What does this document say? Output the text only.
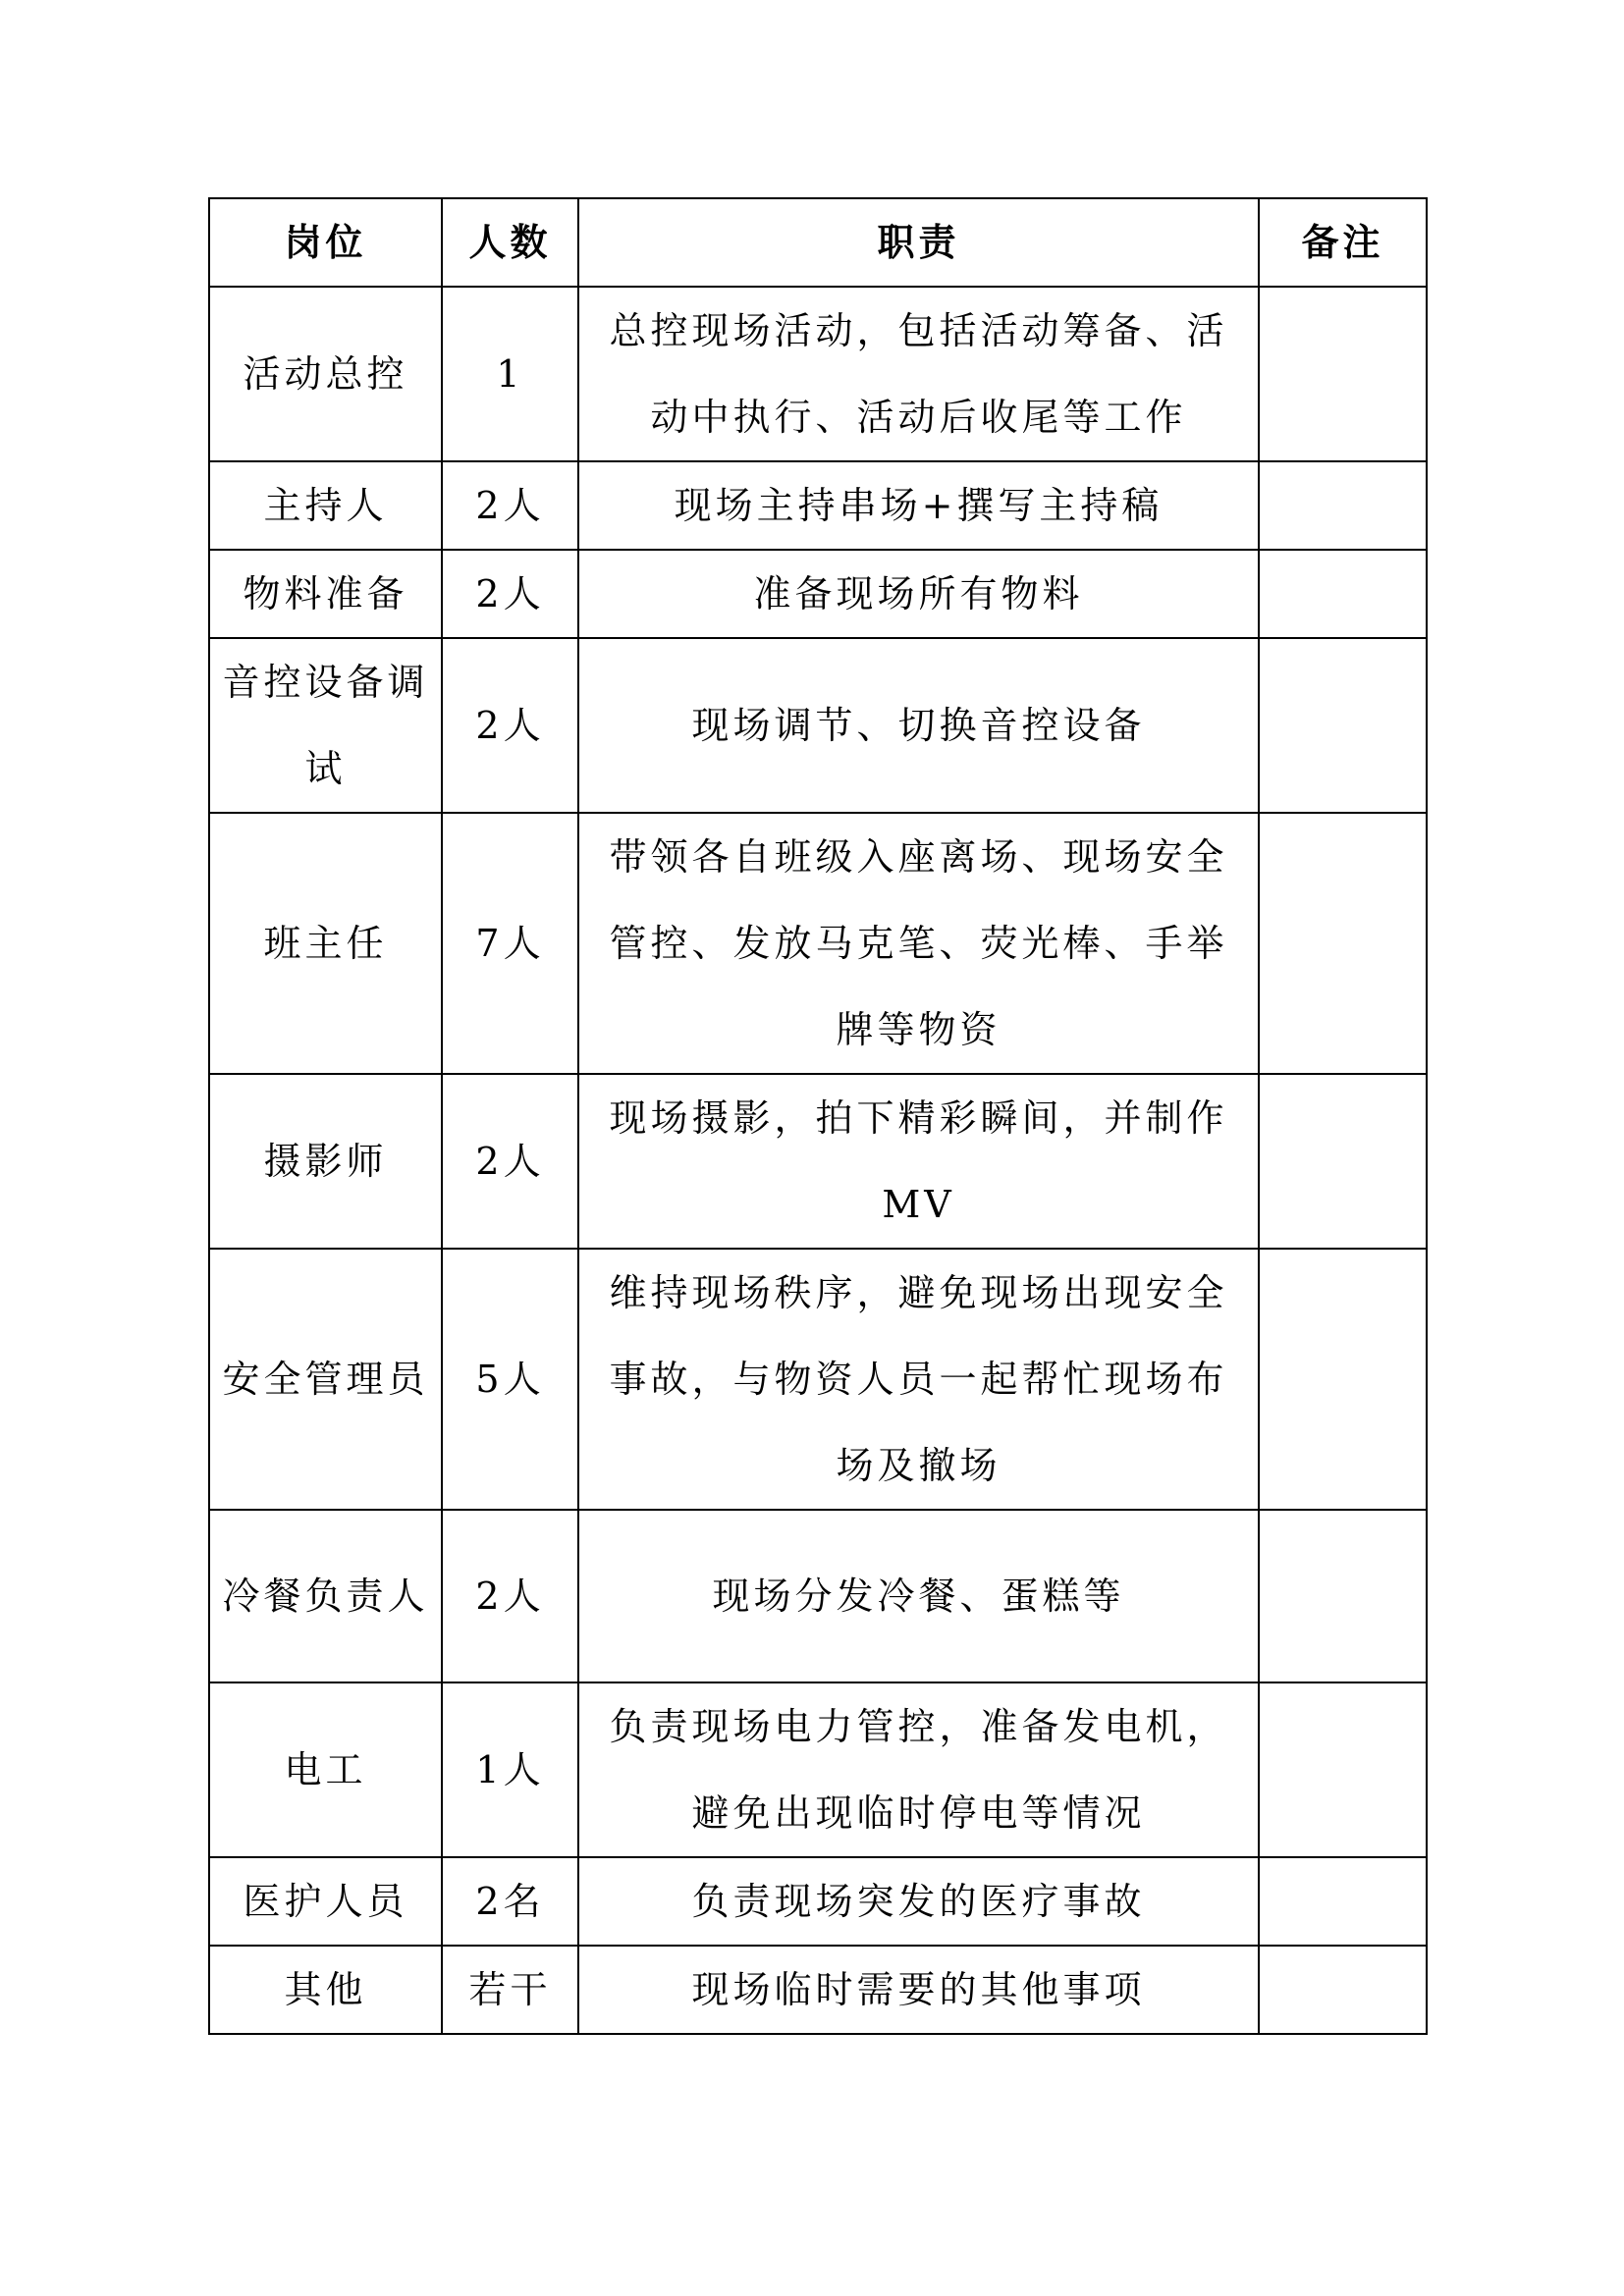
岗位	人数	职责	备注
活动总控	1	总控现场活动，包括活动筹备、活动中执行、活动后收尾等工作	
主持人	2人	现场主持串场+撰写主持稿	
物料准备	2人	准备现场所有物料	
音控设备调试	2人	现场调节、切换音控设备	
班主任	7人	带领各自班级入座离场、现场安全管控、发放马克笔、荧光棒、手举牌等物资	
摄影师	2人	现场摄影，拍下精彩瞬间，并制作MV	
安全管理员	5人	维持现场秩序，避免现场出现安全事故，与物资人员一起帮忙现场布场及撤场	
冷餐负责人	2人	现场分发冷餐、蛋糕等	
电工	1人	负责现场电力管控，准备发电机，避免出现临时停电等情况	
医护人员	2名	负责现场突发的医疗事故	
其他	若干	现场临时需要的其他事项	
